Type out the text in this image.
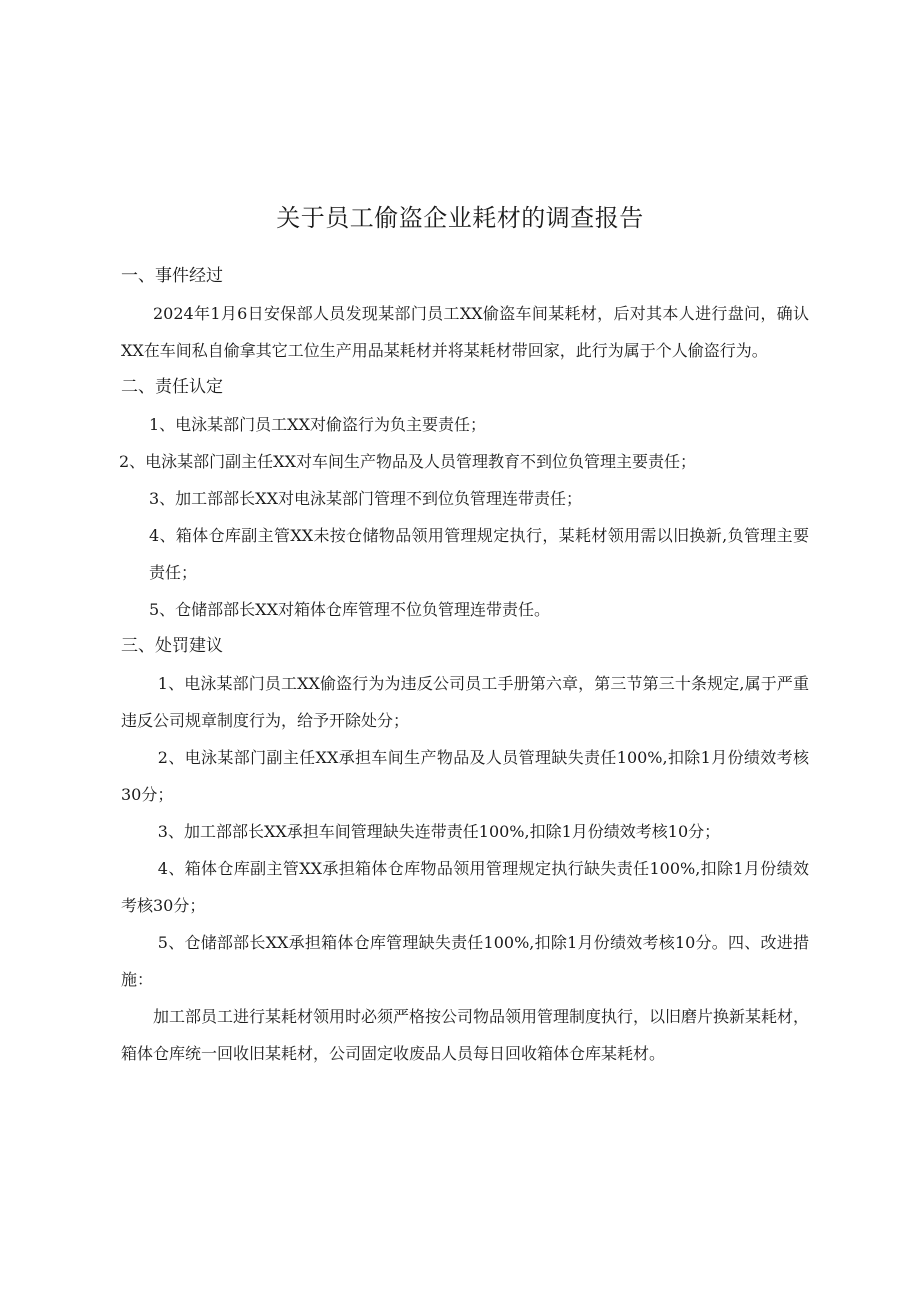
关于员工偷盗企业耗材的调查报告

一、事件经过

2024年1月6日安保部人员发现某部门员工XX偷盗车间某耗材，后对其本人进行盘问，确认XX在车间私自偷拿其它工位生产用品某耗材并将某耗材带回家，此行为属于个人偷盗行为。

二、责任认定

1、电泳某部门员工XX对偷盗行为负主要责任；

2、电泳某部门副主任XX对车间生产物品及人员管理教育不到位负管理主要责任；

3、加工部部长XX对电泳某部门管理不到位负管理连带责任；

4、箱体仓库副主管XX未按仓储物品领用管理规定执行，某耗材领用需以旧换新,负管理主要责任；

5、仓储部部长XX对箱体仓库管理不位负管理连带责任。

三、处罚建议

1、电泳某部门员工XX偷盗行为为违反公司员工手册第六章，第三节第三十条规定,属于严重违反公司规章制度行为，给予开除处分；

2、电泳某部门副主任XX承担车间生产物品及人员管理缺失责任100%,扣除1月份绩效考核30分；

3、加工部部长XX承担车间管理缺失连带责任100%,扣除1月份绩效考核10分；

4、箱体仓库副主管XX承担箱体仓库物品领用管理规定执行缺失责任100%,扣除1月份绩效考核30分；

5、仓储部部长XX承担箱体仓库管理缺失责任100%,扣除1月份绩效考核10分。四、改进措施：

加工部员工进行某耗材领用时必须严格按公司物品领用管理制度执行，以旧磨片换新某耗材，箱体仓库统一回收旧某耗材，公司固定收废品人员每日回收箱体仓库某耗材。
